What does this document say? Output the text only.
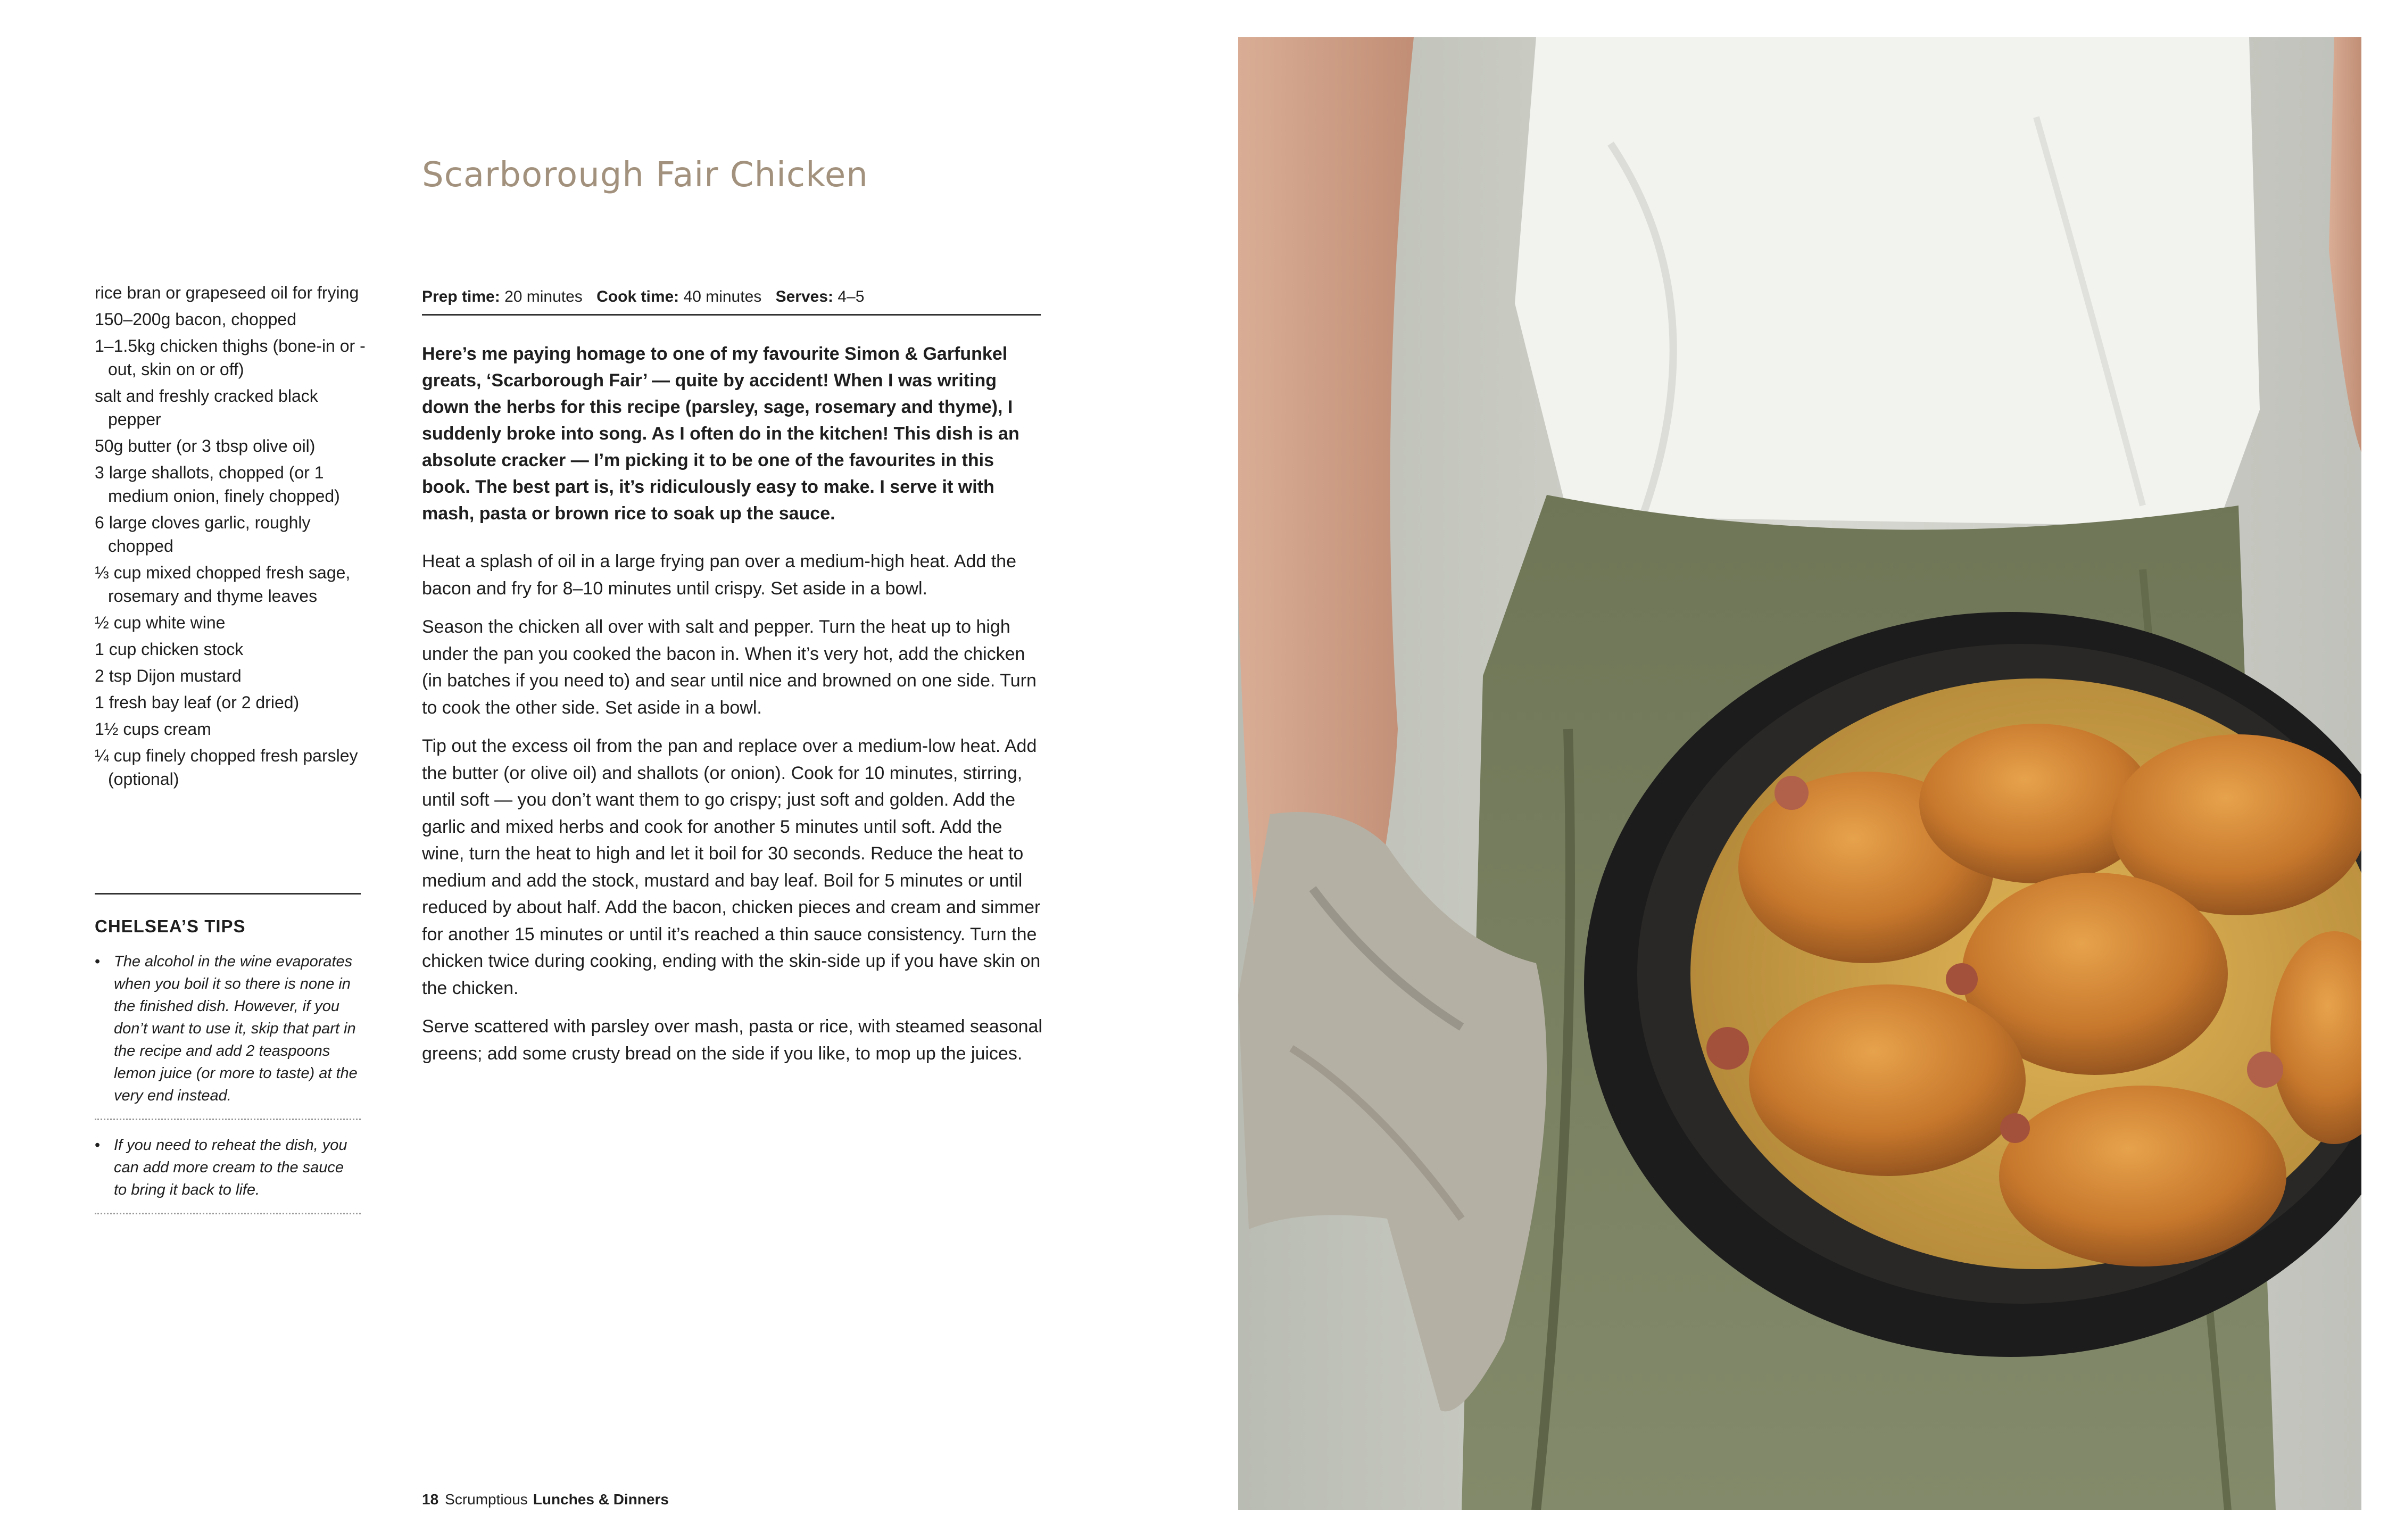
Scarborough Fair Chicken
rice bran or grapeseed oil for frying
150–200g bacon, chopped
1–1.5kg chicken thighs (bone-in or -out, skin on or off)
salt and freshly cracked black pepper
50g butter (or 3 tbsp olive oil)
3 large shallots, chopped (or 1 medium onion, finely chopped)
6 large cloves garlic, roughly chopped
⅓ cup mixed chopped fresh sage, rosemary and thyme leaves
½ cup white wine
1 cup chicken stock
2 tsp Dijon mustard
1 fresh bay leaf (or 2 dried)
1½ cups cream
¼ cup finely chopped fresh parsley (optional)
CHELSEA’S TIPS
• The alcohol in the wine evaporates when you boil it so there is none in the finished dish. However, if you don’t want to use it, skip that part in the recipe and add 2 teaspoons lemon juice (or more to taste) at the very end instead.
• If you need to reheat the dish, you can add more cream to the sauce to bring it back to life.
Prep time: 20 minutes Cook time: 40 minutes Serves: 4–5

Here’s me paying homage to one of my favourite Simon & Garfunkel greats, ‘Scarborough Fair’ — quite by accident! When I was writing down the herbs for this recipe (parsley, sage, rosemary and thyme), I suddenly broke into song. As I often do in the kitchen! This dish is an absolute cracker — I’m picking it to be one of the favourites in this book. The best part is, it’s ridiculously easy to make. I serve it with mash, pasta or brown rice to soak up the sauce.

Heat a splash of oil in a large frying pan over a medium-high heat. Add the bacon and fry for 8–10 minutes until crispy. Set aside in a bowl.

Season the chicken all over with salt and pepper. Turn the heat up to high under the pan you cooked the bacon in. When it’s very hot, add the chicken (in batches if you need to) and sear until nice and browned on one side. Turn to cook the other side. Set aside in a bowl.

Tip out the excess oil from the pan and replace over a medium-low heat. Add the butter (or olive oil) and shallots (or onion). Cook for 10 minutes, stirring, until soft — you don’t want them to go crispy; just soft and golden. Add the garlic and mixed herbs and cook for another 5 minutes until soft. Add the wine, turn the heat to high and let it boil for 30 seconds. Reduce the heat to medium and add the stock, mustard and bay leaf. Boil for 5 minutes or until reduced by about half. Add the bacon, chicken pieces and cream and simmer for another 15 minutes or until it’s reached a thin sauce consistency. Turn the chicken twice during cooking, ending with the skin-side up if you have skin on the chicken.

Serve scattered with parsley over mash, pasta or rice, with steamed seasonal greens; add some crusty bread on the side if you like, to mop up the juices.

18 Scrumptious Lunches & Dinners
